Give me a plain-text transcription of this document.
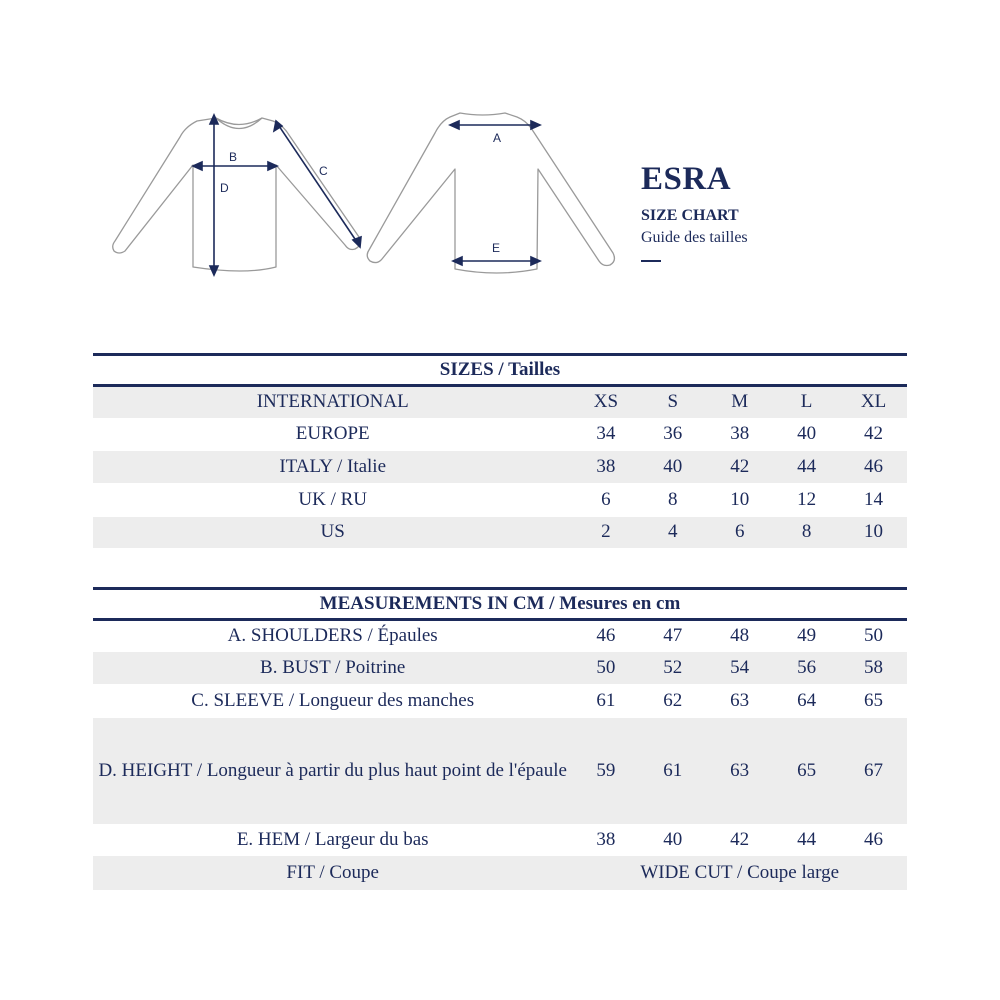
B
D
C
A
E
ESRA
SIZE CHART
Guide des tailles
SIZES / Tailles					
INTERNATIONAL	XS	S	M	L	XL
EUROPE	34	36	38	40	42
ITALY / Italie	38	40	42	44	46
UK / RU	6	8	10	12	14
US	2	4	6	8	10
MEASUREMENTS IN CM / Mesures en cm					
A. SHOULDERS / Épaules	46	47	48	49	50
B. BUST / Poitrine	50	52	54	56	58
C. SLEEVE / Longueur des manches	61	62	63	64	65
D. HEIGHT / Longueur à partir du plus haut point de l'épaule	59	61	63	65	67
E. HEM / Largeur du bas	38	40	42	44	46
FIT / Coupe	WIDE CUT / Coupe large				
